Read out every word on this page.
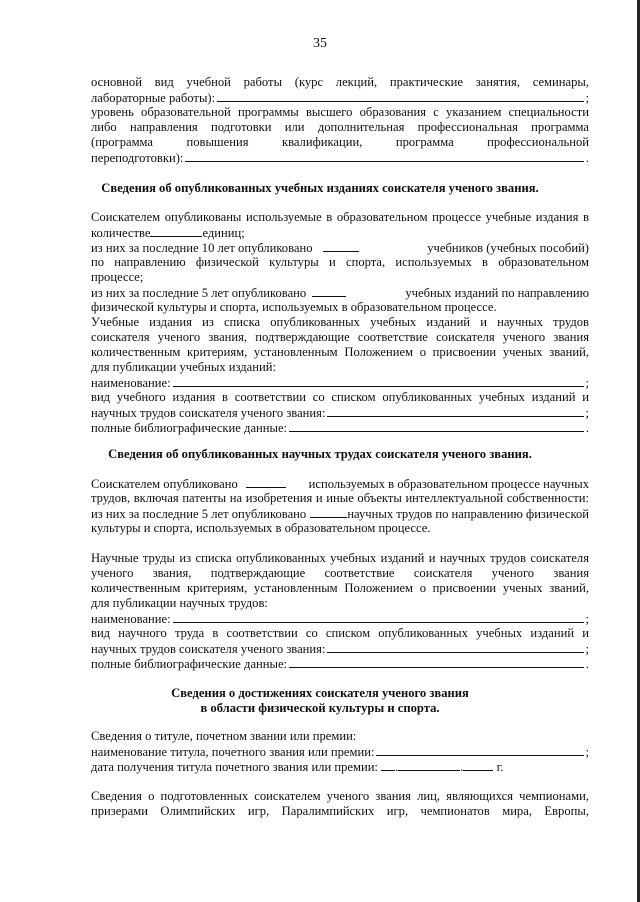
35
основной вид учебной работы (курс лекций, практические занятия, семинары,
лабораторные работы):	;
уровень образовательной программы высшего образования с указанием специальности
либо направления подготовки или дополнительная профессиональная программа
(программа повышения квалификации, программа профессиональной
переподготовки):	.
Сведения об опубликованных учебных изданиях соискателя ученого звания.
Соискателем опубликованы используемые в образовательном процессе учебные издания в
количестве	единиц;
из них за последние 10 лет опубликовано	учебников (учебных пособий)
по направлению физической культуры и спорта, используемых в образовательном
процессе;
из них за последние 5 лет опубликовано	учебных изданий по направлению
физической культуры и спорта, используемых в образовательном процессе.
Учебные издания из списка опубликованных учебных изданий и научных трудов
соискателя ученого звания, подтверждающие соответствие соискателя ученого звания
количественным критериям, установленным Положением о присвоении ученых званий,
для публикации учебных изданий:
наименование:	;
вид учебного издания в соответствии со списком опубликованных учебных изданий и
научных трудов соискателя ученого звания:	;
полные библиографические данные:	.
Сведения об опубликованных научных трудах соискателя ученого звания.
Соискателем опубликовано	используемых в образовательном процессе научных
трудов, включая патенты на изобретения и иные объекты интеллектуальной собственности:
из них за последние 5 лет опубликовано	научных трудов по направлению физической
культуры и спорта, используемых в образовательном процессе.
Научные труды из списка опубликованных учебных изданий и научных трудов соискателя
ученого звания, подтверждающие соответствие соискателя ученого звания
количественным критериям, установленным Положением о присвоении ученых званий,
для публикации научных трудов:
наименование:	;
вид научного труда в соответствии со списком опубликованных учебных изданий и
научных трудов соискателя ученого звания:	;
полные библиографические данные:	.
Сведения о достижениях соискателя ученого звания
в области физической культуры и спорта.
Сведения о титуле, почетном звании или премии:
наименование титула, почетного звания или премии:	;
дата получения титула почетного звания или премии: .	.	г.
Сведения о подготовленных соискателем ученого звания лиц, являющихся чемпионами,
призерами Олимпийских игр, Паралимпийских игр, чемпионатов мира, Европы,
